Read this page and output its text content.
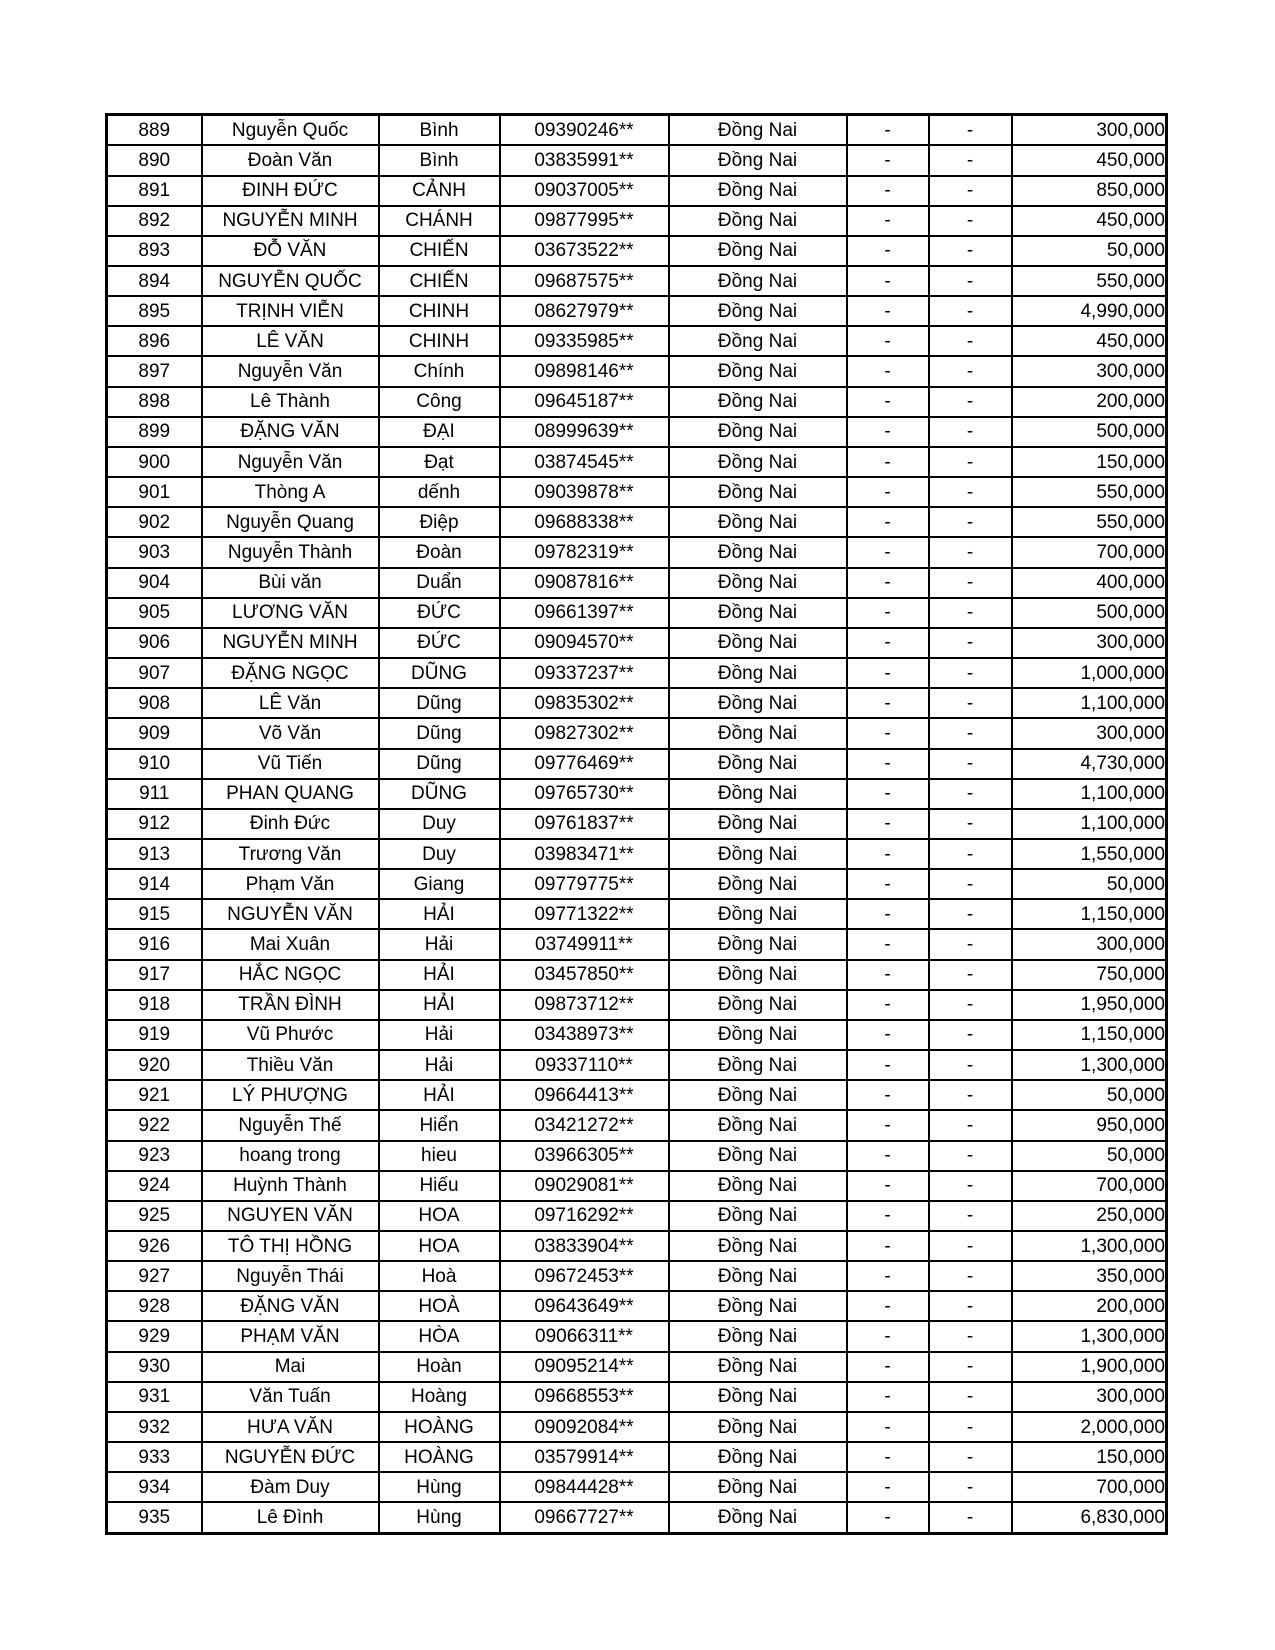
889	Nguyễn Quốc	Bình	09390246**	Đồng Nai	-	-	300,000
890	Đoàn Văn	Bình	03835991**	Đồng Nai	-	-	450,000
891	ĐINH ĐỨC	CẢNH	09037005**	Đồng Nai	-	-	850,000
892	NGUYỄN MINH	CHÁNH	09877995**	Đồng Nai	-	-	450,000
893	ĐỖ VĂN	CHIẾN	03673522**	Đồng Nai	-	-	50,000
894	NGUYỄN QUỐC	CHIẾN	09687575**	Đồng Nai	-	-	550,000
895	TRỊNH VIỄN	CHINH	08627979**	Đồng Nai	-	-	4,990,000
896	LÊ VĂN	CHINH	09335985**	Đồng Nai	-	-	450,000
897	Nguyễn Văn	Chính	09898146**	Đồng Nai	-	-	300,000
898	Lê Thành	Công	09645187**	Đồng Nai	-	-	200,000
899	ĐẶNG VĂN	ĐẠI	08999639**	Đồng Nai	-	-	500,000
900	Nguyễn Văn	Đạt	03874545**	Đồng Nai	-	-	150,000
901	Thòng A	dếnh	09039878**	Đồng Nai	-	-	550,000
902	Nguyễn Quang	Điệp	09688338**	Đồng Nai	-	-	550,000
903	Nguyễn Thành	Đoàn	09782319**	Đồng Nai	-	-	700,000
904	Bùi văn	Duẩn	09087816**	Đồng Nai	-	-	400,000
905	LƯƠNG VĂN	ĐỨC	09661397**	Đồng Nai	-	-	500,000
906	NGUYỄN MINH	ĐỨC	09094570**	Đồng Nai	-	-	300,000
907	ĐẶNG NGỌC	DŨNG	09337237**	Đồng Nai	-	-	1,000,000
908	LÊ Văn	Dũng	09835302**	Đồng Nai	-	-	1,100,000
909	Võ Văn	Dũng	09827302**	Đồng Nai	-	-	300,000
910	Vũ Tiến	Dũng	09776469**	Đồng Nai	-	-	4,730,000
911	PHAN QUANG	DŨNG	09765730**	Đồng Nai	-	-	1,100,000
912	Đinh Đức	Duy	09761837**	Đồng Nai	-	-	1,100,000
913	Trương Văn	Duy	03983471**	Đồng Nai	-	-	1,550,000
914	Phạm Văn	Giang	09779775**	Đồng Nai	-	-	50,000
915	NGUYỄN VĂN	HẢI	09771322**	Đồng Nai	-	-	1,150,000
916	Mai Xuân	Hải	03749911**	Đồng Nai	-	-	300,000
917	HẮC NGỌC	HẢI	03457850**	Đồng Nai	-	-	750,000
918	TRẦN ĐÌNH	HẢI	09873712**	Đồng Nai	-	-	1,950,000
919	Vũ Phước	Hải	03438973**	Đồng Nai	-	-	1,150,000
920	Thiều Văn	Hải	09337110**	Đồng Nai	-	-	1,300,000
921	LÝ PHƯỢNG	HẢI	09664413**	Đồng Nai	-	-	50,000
922	Nguyễn Thế	Hiển	03421272**	Đồng Nai	-	-	950,000
923	hoang trong	hieu	03966305**	Đồng Nai	-	-	50,000
924	Huỳnh Thành	Hiếu	09029081**	Đồng Nai	-	-	700,000
925	NGUYEN VĂN	HOA	09716292**	Đồng Nai	-	-	250,000
926	TÔ THỊ HỒNG	HOA	03833904**	Đồng Nai	-	-	1,300,000
927	Nguyễn Thái	Hoà	09672453**	Đồng Nai	-	-	350,000
928	ĐẶNG VĂN	HOÀ	09643649**	Đồng Nai	-	-	200,000
929	PHẠM VĂN	HÒA	09066311**	Đồng Nai	-	-	1,300,000
930	Mai	Hoàn	09095214**	Đồng Nai	-	-	1,900,000
931	Văn Tuấn	Hoàng	09668553**	Đồng Nai	-	-	300,000
932	HƯA VĂN	HOÀNG	09092084**	Đồng Nai	-	-	2,000,000
933	NGUYỄN ĐỨC	HOÀNG	03579914**	Đồng Nai	-	-	150,000
934	Đàm Duy	Hùng	09844428**	Đồng Nai	-	-	700,000
935	Lê Đình	Hùng	09667727**	Đồng Nai	-	-	6,830,000
